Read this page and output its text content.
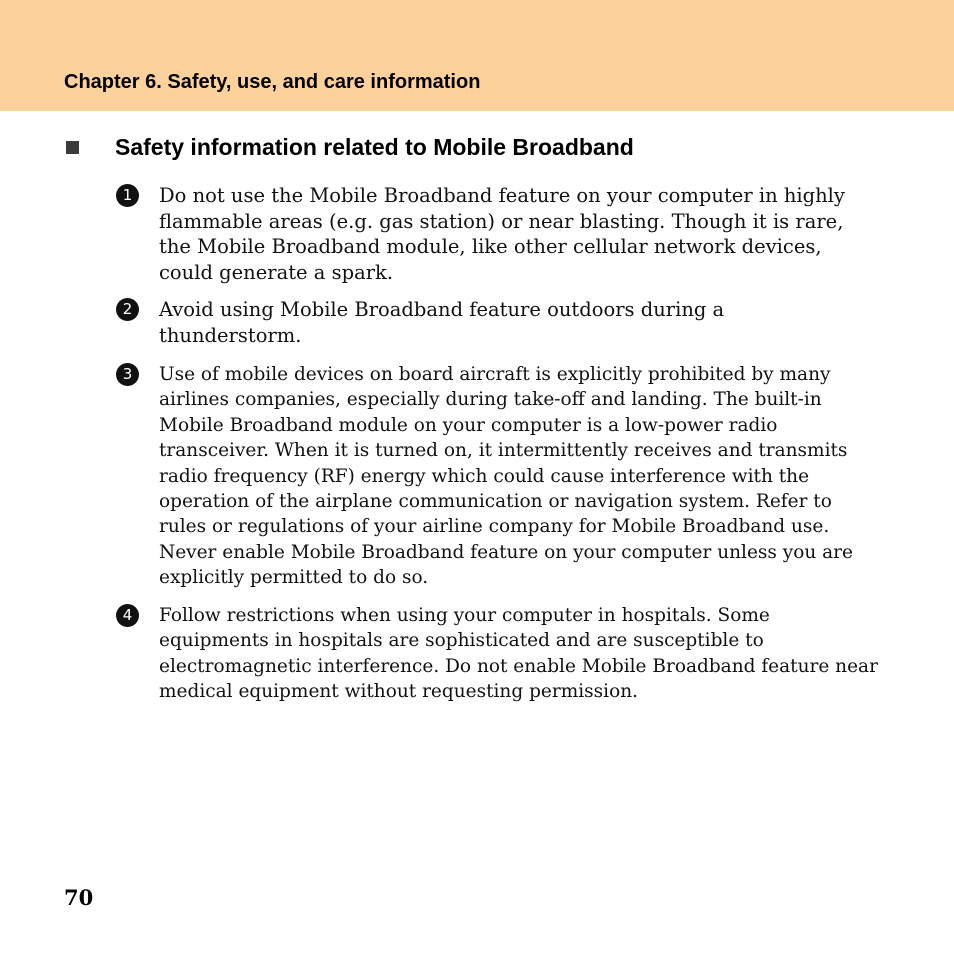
Chapter 6. Safety, use, and care information
Safety information related to Mobile Broadband
1	Do not use the Mobile Broadband feature on your computer in highly
flammable areas (e.g. gas station) or near blasting. Though it is rare,
the Mobile Broadband module, like other cellular network devices,
could generate a spark.
2	Avoid using Mobile Broadband feature outdoors during a
thunderstorm.
3	Use of mobile devices on board aircraft is explicitly prohibited by many
airlines companies, especially during take-off and landing. The built-in
Mobile Broadband module on your computer is a low-power radio
transceiver. When it is turned on, it intermittently receives and transmits
radio frequency (RF) energy which could cause interference with the
operation of the airplane communication or navigation system. Refer to
rules or regulations of your airline company for Mobile Broadband use.
Never enable Mobile Broadband feature on your computer unless you are
explicitly permitted to do so.
4	Follow restrictions when using your computer in hospitals. Some
equipments in hospitals are sophisticated and are susceptible to
electromagnetic interference. Do not enable Mobile Broadband feature near
medical equipment without requesting permission.
70
